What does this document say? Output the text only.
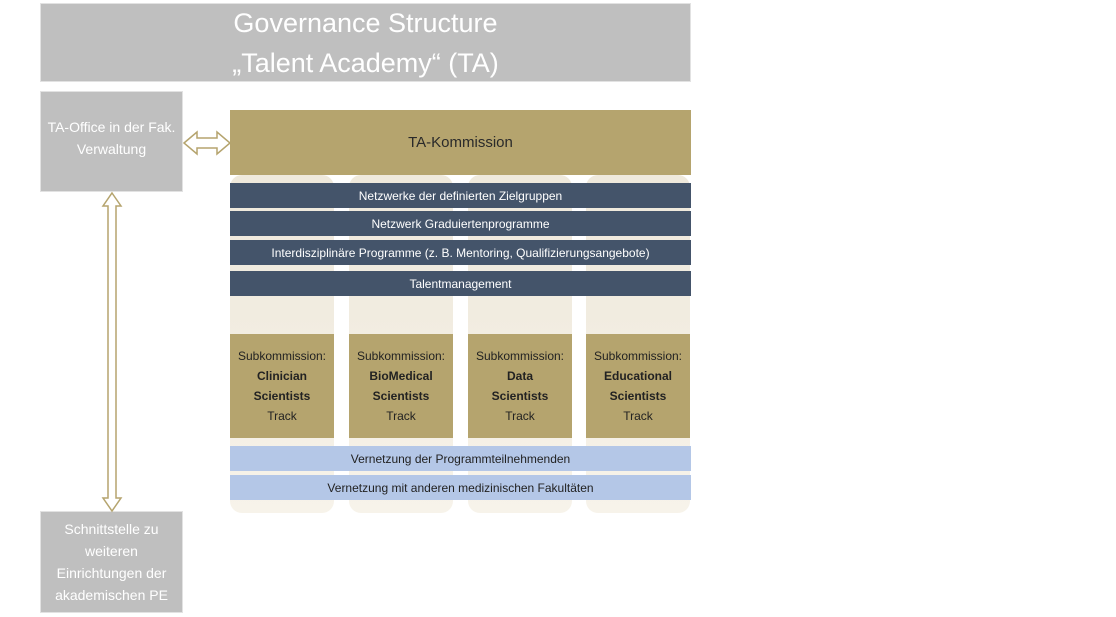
Governance Structure
„Talent Academy“ (TA)
TA-Office in der Fak.
Verwaltung
Schnittstelle zu
weiteren
Einrichtungen der
akademischen PE
TA-Kommission
Netzwerke der definierten Zielgruppen
Netzwerk Graduiertenprogramme
Interdisziplinäre Programme (z. B. Mentoring, Qualifizierungsangebote)
Talentmanagement
Subkommission:
Clinician
Scientists
Track
Subkommission:
BioMedical
Scientists
Track
Subkommission:
Data
Scientists
Track
Subkommission:
Educational
Scientists
Track
Vernetzung der Programmteilnehmenden
Vernetzung mit anderen medizinischen Fakultäten
